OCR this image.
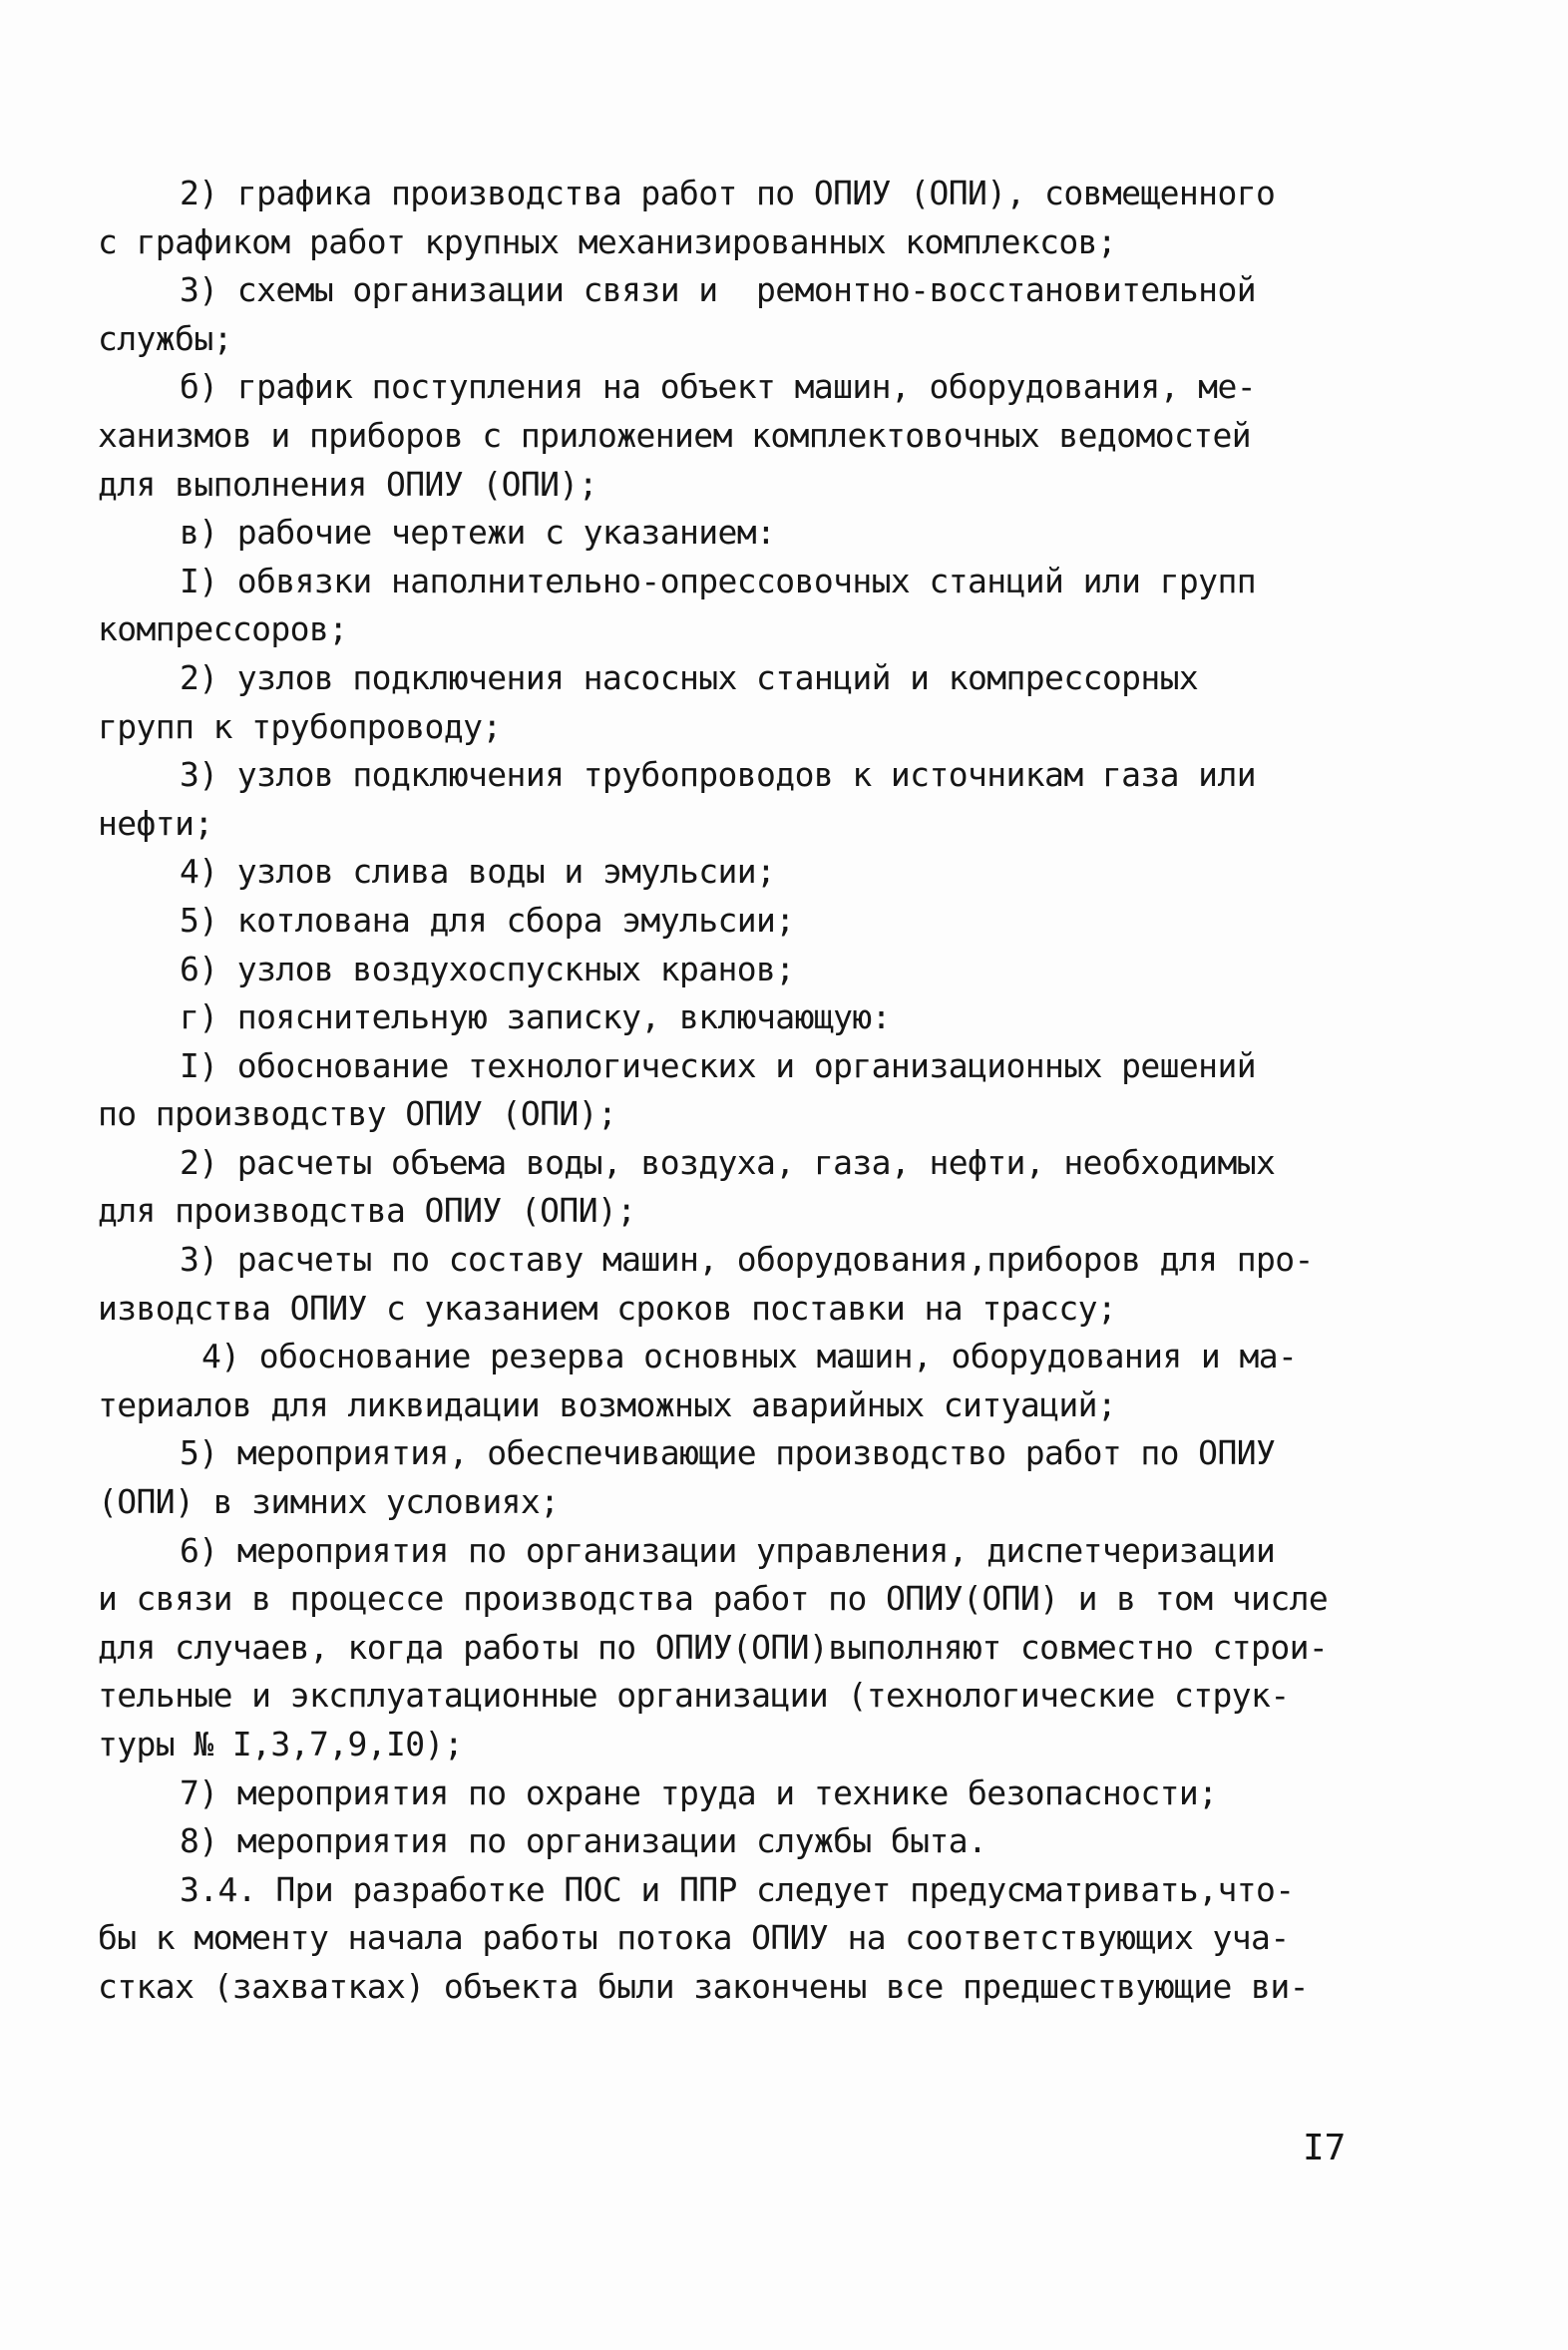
2) графика производства работ по ОПИУ (ОПИ), совмещенного
с графиком работ крупных механизированных комплексов;
3) схемы организации связи и  ремонтно-восстановительной
службы;
б) график поступления на объект машин, оборудования, ме-
ханизмов и приборов с приложением комплектовочных ведомостей
для выполнения ОПИУ (ОПИ);
в) рабочие чертежи с указанием:
I) обвязки наполнительно-опрессовочных станций или групп
компрессоров;
2) узлов подключения насосных станций и компрессорных
групп к трубопроводу;
3) узлов подключения трубопроводов к источникам газа или
нефти;
4) узлов слива воды и эмульсии;
5) котлована для сбора эмульсии;
6) узлов воздухоспускных кранов;
г) пояснительную записку, включающую:
I) обоснование технологических и организационных решений
по производству ОПИУ (ОПИ);
2) расчеты объема воды, воздуха, газа, нефти, необходимых
для производства ОПИУ (ОПИ);
3) расчеты по составу машин, оборудования,приборов для про-
изводства ОПИУ с указанием сроков поставки на трассу;
4) обоснование резерва основных машин, оборудования и ма-
териалов для ликвидации возможных аварийных ситуаций;
5) мероприятия, обеспечивающие производство работ по ОПИУ
(ОПИ) в зимних условиях;
6) мероприятия по организации управления, диспетчеризации
и связи в процессе производства работ по ОПИУ(ОПИ) и в том числе
для случаев, когда работы по ОПИУ(ОПИ)выполняют совместно строи-
тельные и эксплуатационные организации (технологические струк-
туры № I,3,7,9,I0);
7) мероприятия по охране труда и технике безопасности;
8) мероприятия по организации службы быта.
3.4. При разработке ПОС и ППР следует предусматривать,что-
бы к моменту начала работы потока ОПИУ на соответствующих уча-
стках (захватках) объекта были закончены все предшествующие ви-
I7
